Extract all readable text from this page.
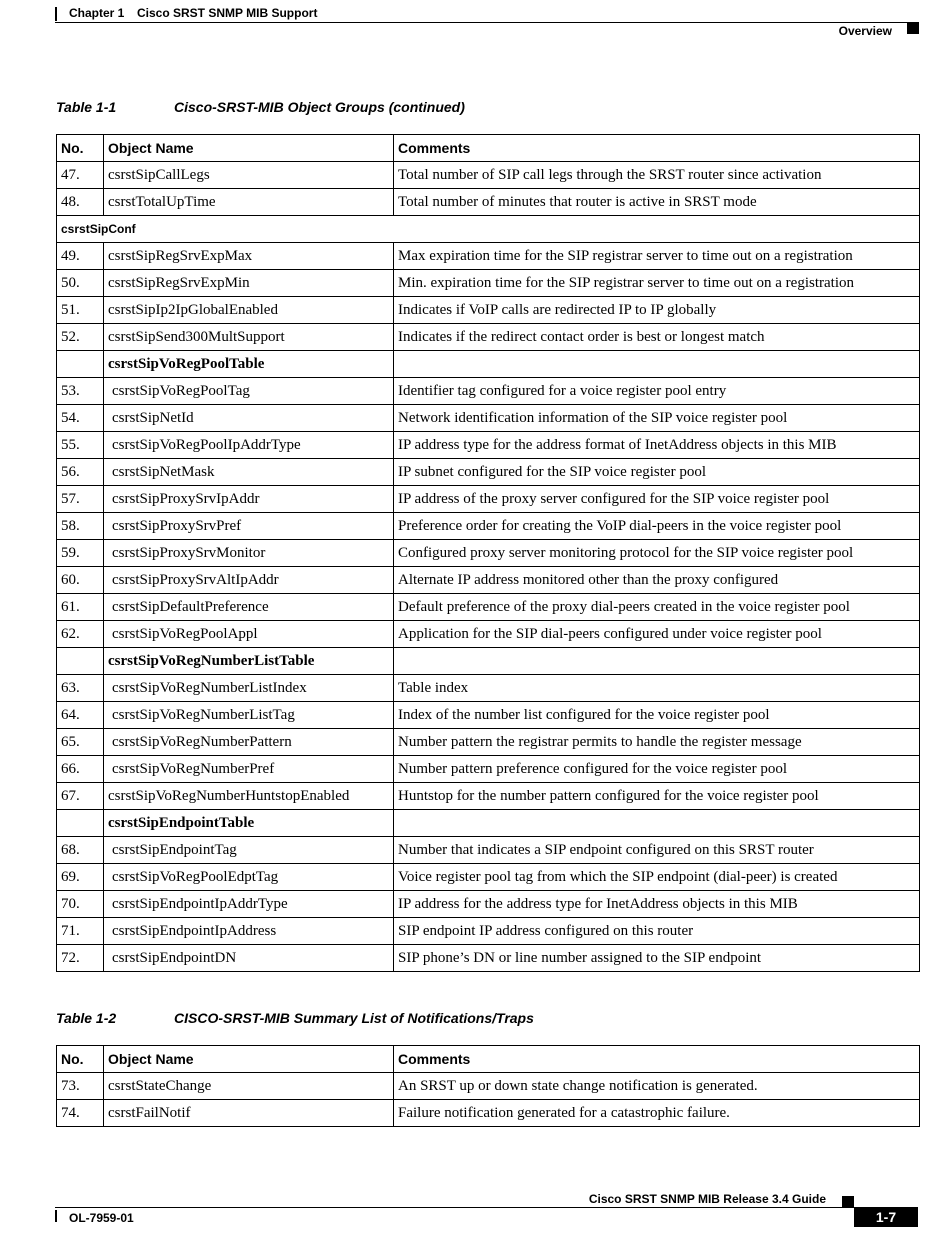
Chapter 1 Cisco SRST SNMP MIB Support
Overview
Table 1-1	Cisco-SRST-MIB Object Groups (continued)
No.	Object Name	Comments
47.	csrstSipCallLegs	Total number of SIP call legs through the SRST router since activation
48.	csrstTotalUpTime	Total number of minutes that router is active in SRST mode
csrstSipConf		
49.	csrstSipRegSrvExpMax	Max expiration time for the SIP registrar server to time out on a registration
50.	csrstSipRegSrvExpMin	Min. expiration time for the SIP registrar server to time out on a registration
51.	csrstSipIp2IpGlobalEnabled	Indicates if VoIP calls are redirected IP to IP globally
52.	csrstSipSend300MultSupport	Indicates if the redirect contact order is best or longest match
	csrstSipVoRegPoolTable	
53.	csrstSipVoRegPoolTag	Identifier tag configured for a voice register pool entry
54.	csrstSipNetId	Network identification information of the SIP voice register pool
55.	csrstSipVoRegPoolIpAddrType	IP address type for the address format of InetAddress objects in this MIB
56.	csrstSipNetMask	IP subnet configured for the SIP voice register pool
57.	csrstSipProxySrvIpAddr	IP address of the proxy server configured for the SIP voice register pool
58.	csrstSipProxySrvPref	Preference order for creating the VoIP dial-peers in the voice register pool
59.	csrstSipProxySrvMonitor	Configured proxy server monitoring protocol for the SIP voice register pool
60.	csrstSipProxySrvAltIpAddr	Alternate IP address monitored other than the proxy configured
61.	csrstSipDefaultPreference	Default preference of the proxy dial-peers created in the voice register pool
62.	csrstSipVoRegPoolAppl	Application for the SIP dial-peers configured under voice register pool
	csrstSipVoRegNumberListTable	
63.	csrstSipVoRegNumberListIndex	Table index
64.	csrstSipVoRegNumberListTag	Index of the number list configured for the voice register pool
65.	csrstSipVoRegNumberPattern	Number pattern the registrar permits to handle the register message
66.	csrstSipVoRegNumberPref	Number pattern preference configured for the voice register pool
67.	csrstSipVoRegNumberHuntstopEnabled	Huntstop for the number pattern configured for the voice register pool
	csrstSipEndpointTable	
68.	csrstSipEndpointTag	Number that indicates a SIP endpoint configured on this SRST router
69.	csrstSipVoRegPoolEdptTag	Voice register pool tag from which the SIP endpoint (dial-peer) is created
70.	csrstSipEndpointIpAddrType	IP address for the address type for InetAddress objects in this MIB
71.	csrstSipEndpointIpAddress	SIP endpoint IP address configured on this router
72.	csrstSipEndpointDN	SIP phone’s DN or line number assigned to the SIP endpoint
Table 1-2	CISCO-SRST-MIB Summary List of Notifications/Traps
No.	Object Name	Comments
73.	csrstStateChange	An SRST up or down state change notification is generated.
74.	csrstFailNotif	Failure notification generated for a catastrophic failure.
Cisco SRST SNMP MIB Release 3.4 Guide
OL-7959-01	1-7
